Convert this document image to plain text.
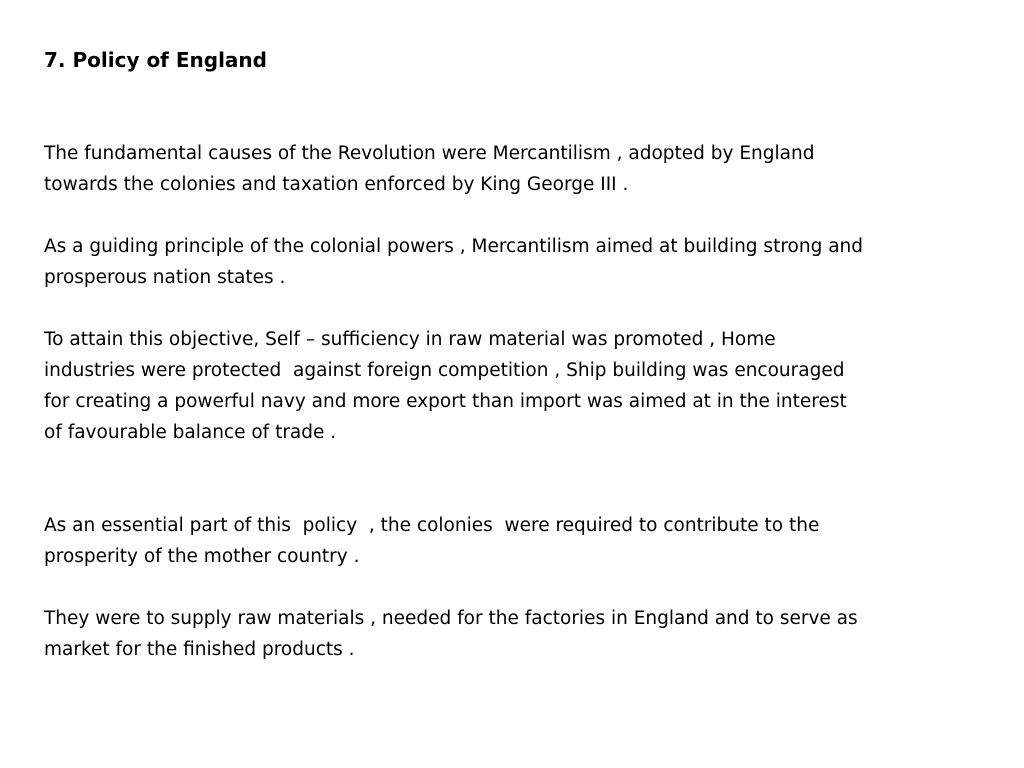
7. Policy of England

The fundamental causes of the Revolution were Mercantilism , adopted by England
towards the colonies and taxation enforced by King George III .

As a guiding principle of the colonial powers , Mercantilism aimed at building strong and
prosperous nation states .

To attain this objective, Self – sufficiency in raw material was promoted , Home
industries were protected  against foreign competition , Ship building was encouraged
for creating a powerful navy and more export than import was aimed at in the interest
of favourable balance of trade .

As an essential part of this  policy  , the colonies  were required to contribute to the
prosperity of the mother country .

They were to supply raw materials , needed for the factories in England and to serve as
market for the finished products .
